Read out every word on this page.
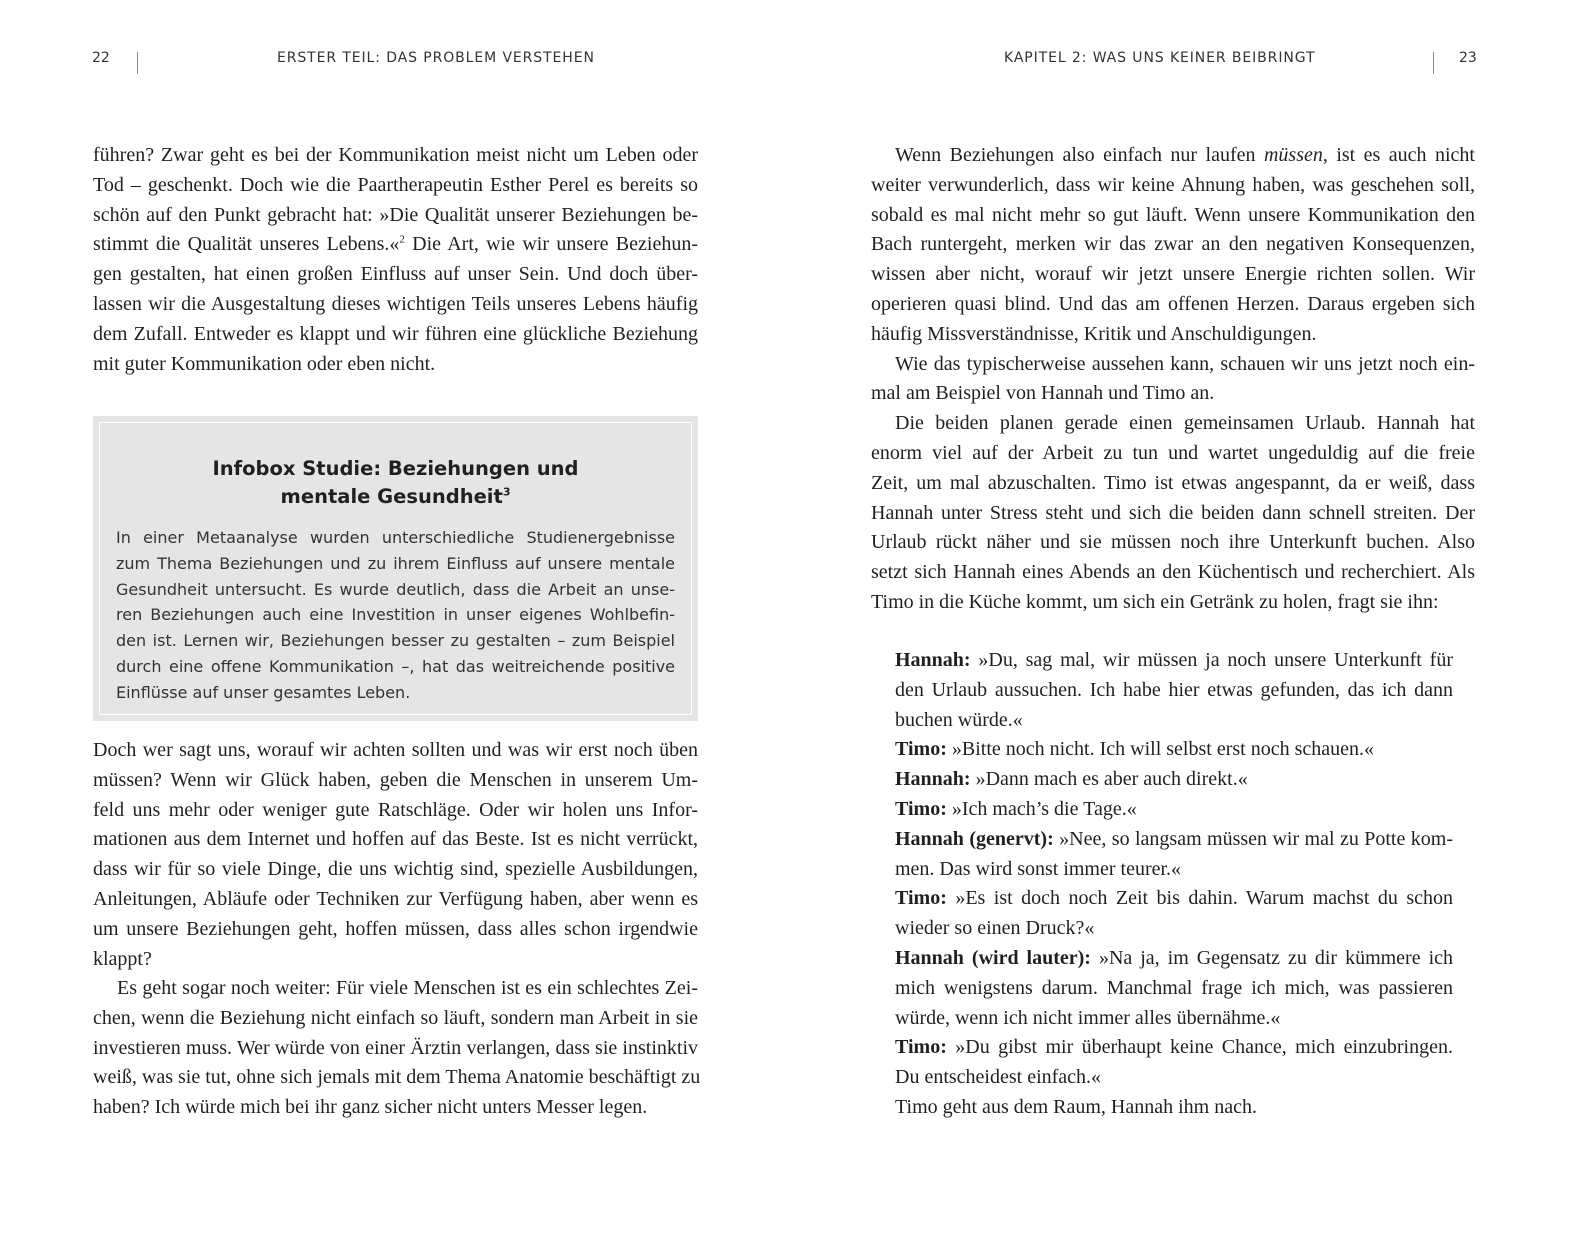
22	ERSTER TEIL: DAS PROBLEM VERSTEHEN
führen? Zwar geht es bei der Kommunikation meist nicht um Leben oder
Tod – geschenkt. Doch wie die Paartherapeutin Esther Perel es bereits so
schön auf den Punkt gebracht hat: »Die Qualität unserer Beziehungen be-
stimmt die Qualität unseres Lebens.«$^2$ Die Art, wie wir unsere Beziehun-
gen gestalten, hat einen großen Einfluss auf unser Sein. Und doch über-
lassen wir die Ausgestaltung dieses wichtigen Teils unseres Lebens häufig
dem Zufall. Entweder es klappt und wir führen eine glückliche Beziehung
mit guter Kommunikation oder eben nicht.
Infobox Studie: Beziehungen und
mentale Gesundheit$^3$
In einer Metaanalyse wurden unterschiedliche Studienergebnisse
zum Thema Beziehungen und zu ihrem Einfluss auf unsere mentale
Gesundheit untersucht. Es wurde deutlich, dass die Arbeit an unse-
ren Beziehungen auch eine Investition in unser eigenes Wohlbefin-
den ist. Lernen wir, Beziehungen besser zu gestalten – zum Beispiel
durch eine offene Kommunikation –, hat das weitreichende positive
Einflüsse auf unser gesamtes Leben.
Doch wer sagt uns, worauf wir achten sollten und was wir erst noch üben
müssen? Wenn wir Glück haben, geben die Menschen in unserem Um-
feld uns mehr oder weniger gute Ratschläge. Oder wir holen uns Infor-
mationen aus dem Internet und hoffen auf das Beste. Ist es nicht verrückt,
dass wir für so viele Dinge, die uns wichtig sind, spezielle Ausbildungen,
Anleitungen, Abläufe oder Techniken zur Verfügung haben, aber wenn es
um unsere Beziehungen geht, hoffen müssen, dass alles schon irgendwie
klappt?
Es geht sogar noch weiter: Für viele Menschen ist es ein schlechtes Zei-
chen, wenn die Beziehung nicht einfach so läuft, sondern man Arbeit in sie
investieren muss. Wer würde von einer Ärztin verlangen, dass sie instinktiv
weiß, was sie tut, ohne sich jemals mit dem Thema Anatomie beschäftigt zu
haben? Ich würde mich bei ihr ganz sicher nicht unters Messer legen.
KAPITEL 2: WAS UNS KEINER BEIBRINGT	23
Wenn Beziehungen also einfach nur laufen müssen, ist es auch nicht
weiter verwunderlich, dass wir keine Ahnung haben, was geschehen soll,
sobald es mal nicht mehr so gut läuft. Wenn unsere Kommunikation den
Bach runtergeht, merken wir das zwar an den negativen Konsequenzen,
wissen aber nicht, worauf wir jetzt unsere Energie richten sollen. Wir
operieren quasi blind. Und das am offenen Herzen. Daraus ergeben sich
häufig Missverständnisse, Kritik und Anschuldigungen.
Wie das typischerweise aussehen kann, schauen wir uns jetzt noch ein-
mal am Beispiel von Hannah und Timo an.
Die beiden planen gerade einen gemeinsamen Urlaub. Hannah hat
enorm viel auf der Arbeit zu tun und wartet ungeduldig auf die freie
Zeit, um mal abzuschalten. Timo ist etwas angespannt, da er weiß, dass
Hannah unter Stress steht und sich die beiden dann schnell streiten. Der
Urlaub rückt näher und sie müssen noch ihre Unterkunft buchen. Also
setzt sich Hannah eines Abends an den Küchentisch und recherchiert. Als
Timo in die Küche kommt, um sich ein Getränk zu holen, fragt sie ihn:
Hannah: »Du, sag mal, wir müssen ja noch unsere Unterkunft für
den Urlaub aussuchen. Ich habe hier etwas gefunden, das ich dann
buchen würde.«
Timo: »Bitte noch nicht. Ich will selbst erst noch schauen.«
Hannah: »Dann mach es aber auch direkt.«
Timo: »Ich mach’s die Tage.«
Hannah (genervt): »Nee, so langsam müssen wir mal zu Potte kom-
men. Das wird sonst immer teurer.«
Timo: »Es ist doch noch Zeit bis dahin. Warum machst du schon
wieder so einen Druck?«
Hannah (wird lauter): »Na ja, im Gegensatz zu dir kümmere ich
mich wenigstens darum. Manchmal frage ich mich, was passieren
würde, wenn ich nicht immer alles übernähme.«
Timo: »Du gibst mir überhaupt keine Chance, mich einzubringen.
Du entscheidest einfach.«
Timo geht aus dem Raum, Hannah ihm nach.
